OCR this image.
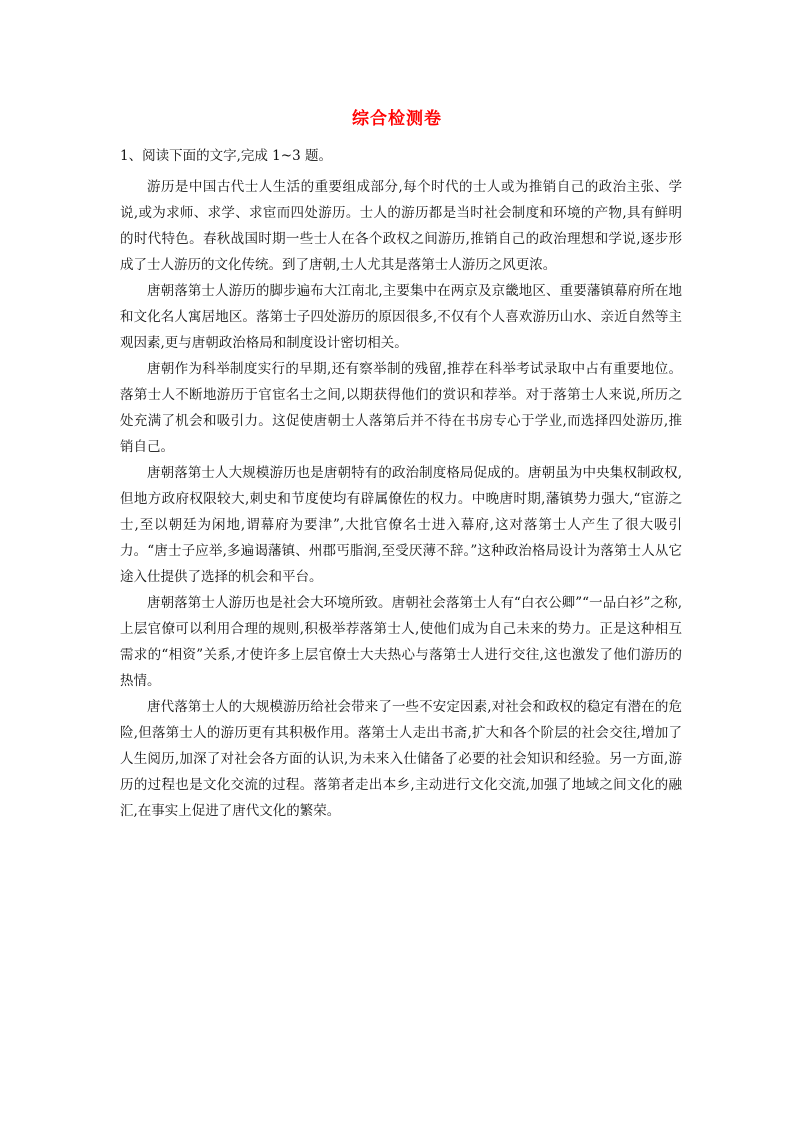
综合检测卷
1、阅读下面的文字,完成 1~3 题。

游历是中国古代士人生活的重要组成部分,每个时代的士人或为推销自己的政治主张、学说,或为求师、求学、求宦而四处游历。士人的游历都是当时社会制度和环境的产物,具有鲜明的时代特色。春秋战国时期一些士人在各个政权之间游历,推销自己的政治理想和学说,逐步形成了士人游历的文化传统。到了唐朝,士人尤其是落第士人游历之风更浓。

唐朝落第士人游历的脚步遍布大江南北,主要集中在两京及京畿地区、重要藩镇幕府所在地和文化名人寓居地区。落第士子四处游历的原因很多,不仅有个人喜欢游历山水、亲近自然等主观因素,更与唐朝政治格局和制度设计密切相关。

唐朝作为科举制度实行的早期,还有察举制的残留,推荐在科举考试录取中占有重要地位。落第士人不断地游历于官宦名士之间,以期获得他们的赏识和荐举。对于落第士人来说,所历之处充满了机会和吸引力。这促使唐朝士人落第后并不待在书房专心于学业,而选择四处游历,推销自己。

唐朝落第士人大规模游历也是唐朝特有的政治制度格局促成的。唐朝虽为中央集权制政权,但地方政府权限较大,刺史和节度使均有辟属僚佐的权力。中晚唐时期,藩镇势力强大,“宦游之士,至以朝廷为闲地,谓幕府为要津”,大批官僚名士进入幕府,这对落第士人产生了很大吸引力。“唐士子应举,多遍谒藩镇、州郡丐脂润,至受厌薄不辞。”这种政治格局设计为落第士人从它途入仕提供了选择的机会和平台。

唐朝落第士人游历也是社会大环境所致。唐朝社会落第士人有“白衣公卿”“一品白衫”之称,上层官僚可以利用合理的规则,积极举荐落第士人,使他们成为自己未来的势力。正是这种相互需求的“相资”关系,才使许多上层官僚士大夫热心与落第士人进行交往,这也激发了他们游历的热情。

唐代落第士人的大规模游历给社会带来了一些不安定因素,对社会和政权的稳定有潜在的危险,但落第士人的游历更有其积极作用。落第士人走出书斋,扩大和各个阶层的社会交往,增加了人生阅历,加深了对社会各方面的认识,为未来入仕储备了必要的社会知识和经验。另一方面,游历的过程也是文化交流的过程。落第者走出本乡,主动进行文化交流,加强了地域之间文化的融汇,在事实上促进了唐代文化的繁荣。
